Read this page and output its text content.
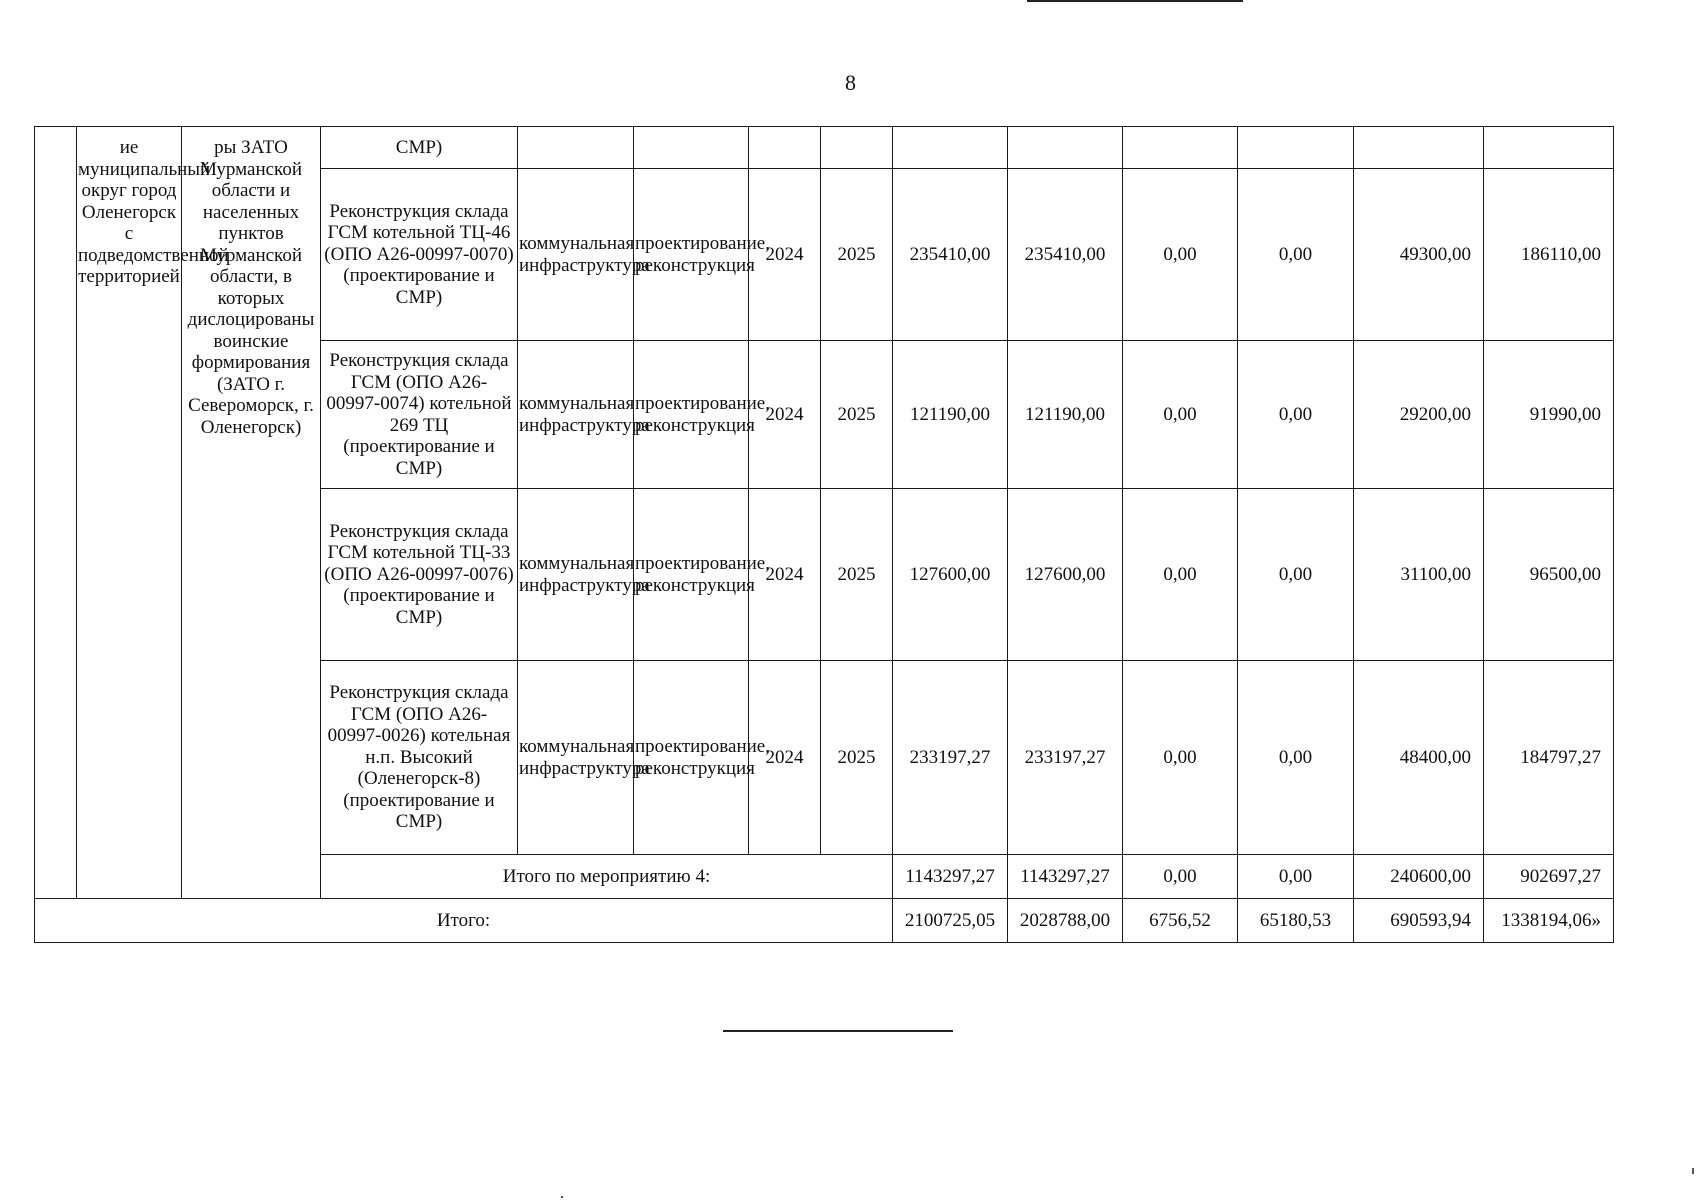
8
	ие муниципальный округ город Оленегорск с подведомственной территорией	ры ЗАТО Мурманской области и населенных пунктов Мурманской области, в которых дислоцированы воинские формирования (ЗАТО г. Североморск, г. Оленегорск)	СМР)										
			Реконструкция склада ГСМ котельной ТЦ-46 (ОПО А26-00997-0070) (проектирование и СМР)	коммунальная инфраструктура	проектирование, реконструкция	2024	2025	235410,00	235410,00	0,00	0,00	49300,00	186110,00
			Реконструкция склада ГСМ (ОПО А26-00997-0074) котельной 269 ТЦ (проектирование и СМР)	коммунальная инфраструктура	проектирование, реконструкция	2024	2025	121190,00	121190,00	0,00	0,00	29200,00	91990,00
			Реконструкция склада ГСМ котельной ТЦ-33 (ОПО А26-00997-0076) (проектирование и СМР)	коммунальная инфраструктура	проектирование, реконструкция	2024	2025	127600,00	127600,00	0,00	0,00	31100,00	96500,00
			Реконструкция склада ГСМ (ОПО А26-00997-0026) котельная н.п. Высокий (Оленегорск-8) (проектирование и СМР)	коммунальная инфраструктура	проектирование, реконструкция	2024	2025	233197,27	233197,27	0,00	0,00	48400,00	184797,27
			Итого по мероприятию 4:					1143297,27	1143297,27	0,00	0,00	240600,00	902697,27
Итого:								2100725,05	2028788,00	6756,52	65180,53	690593,94	1338194,06»
